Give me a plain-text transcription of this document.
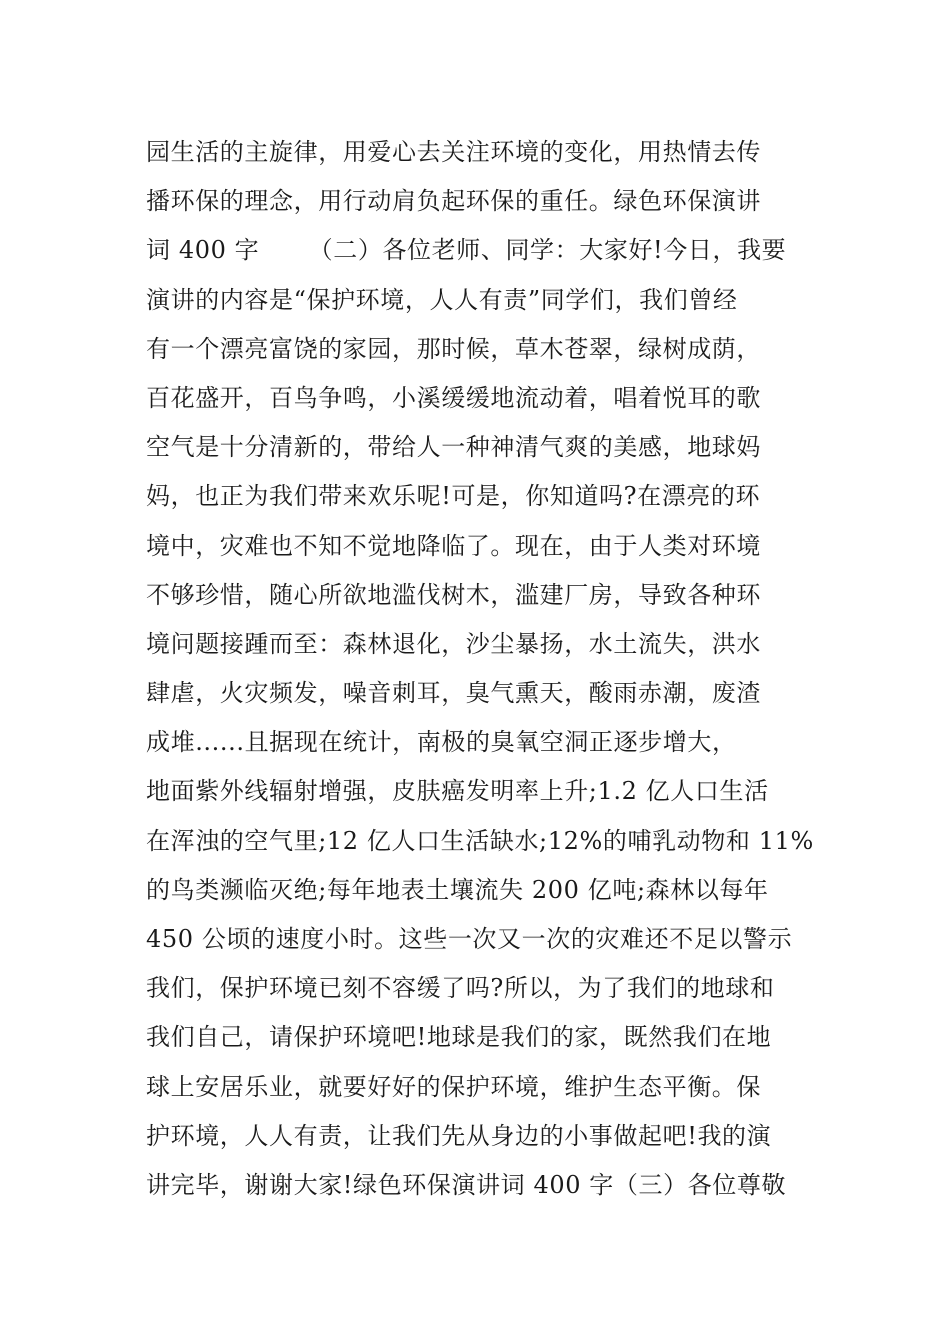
园生活的主旋律，用爱心去关注环境的变化，用热情去传
播环保的理念，用行动肩负起环保的重任。绿色环保演讲
词 400 字      （二）各位老师、同学：大家好!今日，我要
演讲的内容是“保护环境，人人有责”同学们，我们曾经
有一个漂亮富饶的家园，那时候，草木苍翠，绿树成荫，
百花盛开，百鸟争鸣，小溪缓缓地流动着，唱着悦耳的歌
空气是十分清新的，带给人一种神清气爽的美感，地球妈
妈，也正为我们带来欢乐呢!可是，你知道吗?在漂亮的环
境中，灾难也不知不觉地降临了。现在，由于人类对环境
不够珍惜，随心所欲地滥伐树木，滥建厂房，导致各种环
境问题接踵而至：森林退化，沙尘暴扬，水土流失，洪水
肆虐，火灾频发，噪音刺耳，臭气熏天，酸雨赤潮，废渣
成堆......且据现在统计，南极的臭氧空洞正逐步增大，
地面紫外线辐射增强，皮肤癌发明率上升;1.2 亿人口生活
在浑浊的空气里;12 亿人口生活缺水;12%的哺乳动物和 11%
的鸟类濒临灭绝;每年地表土壤流失 200 亿吨;森林以每年
450 公顷的速度小时。这些一次又一次的灾难还不足以警示
我们，保护环境已刻不容缓了吗?所以，为了我们的地球和
我们自己，请保护环境吧!地球是我们的家，既然我们在地
球上安居乐业，就要好好的保护环境，维护生态平衡。保
护环境，人人有责，让我们先从身边的小事做起吧!我的演
讲完毕，谢谢大家!绿色环保演讲词 400 字（三）各位尊敬
